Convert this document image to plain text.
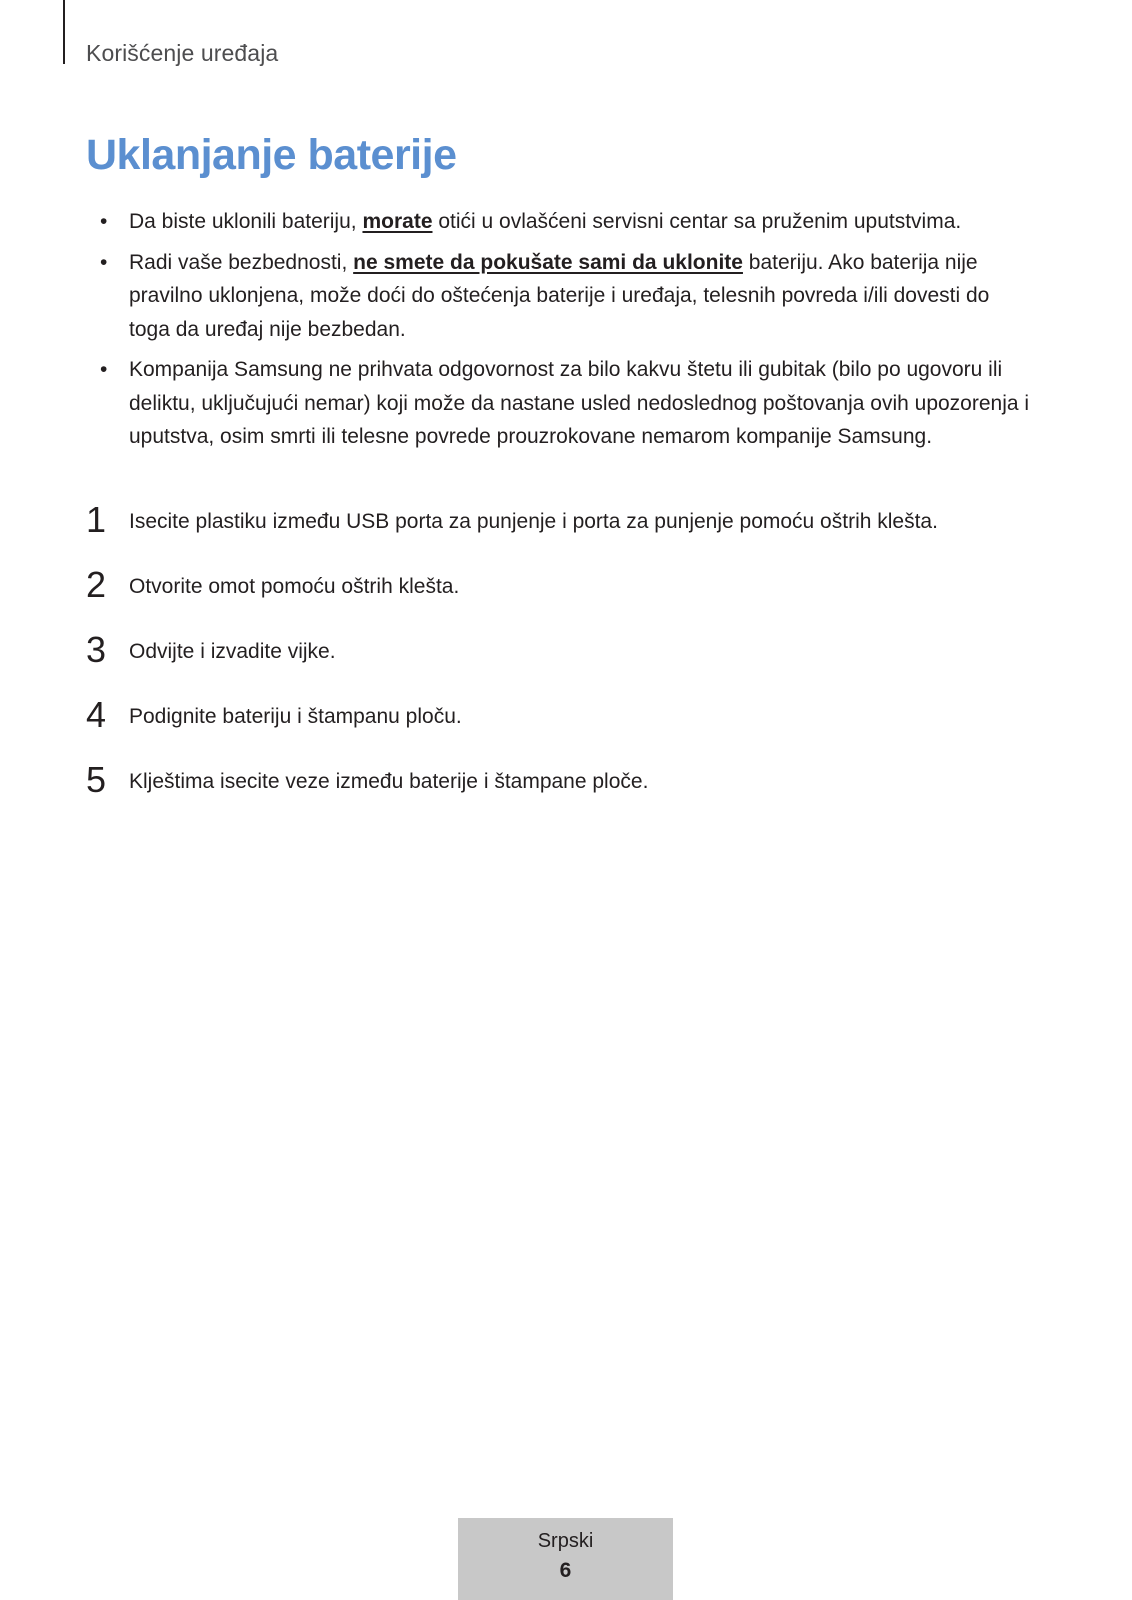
Korišćenje uređaja
Uklanjanje baterije
• Da biste uklonili bateriju, morate otići u ovlašćeni servisni centar sa pruženim uputstvima.
• Radi vaše bezbednosti, ne smete da pokušate sami da uklonite bateriju. Ako baterija nije pravilno uklonjena, može doći do oštećenja baterije i uređaja, telesnih povreda i/ili dovesti do toga da uređaj nije bezbedan.
• Kompanija Samsung ne prihvata odgovornost za bilo kakvu štetu ili gubitak (bilo po ugovoru ili deliktu, uključujući nemar) koji može da nastane usled nedoslednog poštovanja ovih upozorenja i uputstva, osim smrti ili telesne povrede prouzrokovane nemarom kompanije Samsung.
1 Isecite plastiku između USB porta za punjenje i porta za punjenje pomoću oštrih klešta.
2 Otvorite omot pomoću oštrih klešta.
3 Odvijte i izvadite vijke.
4 Podignite bateriju i štampanu ploču.
5 Klještima isecite veze između baterije i štampane ploče.
Srpski
6
